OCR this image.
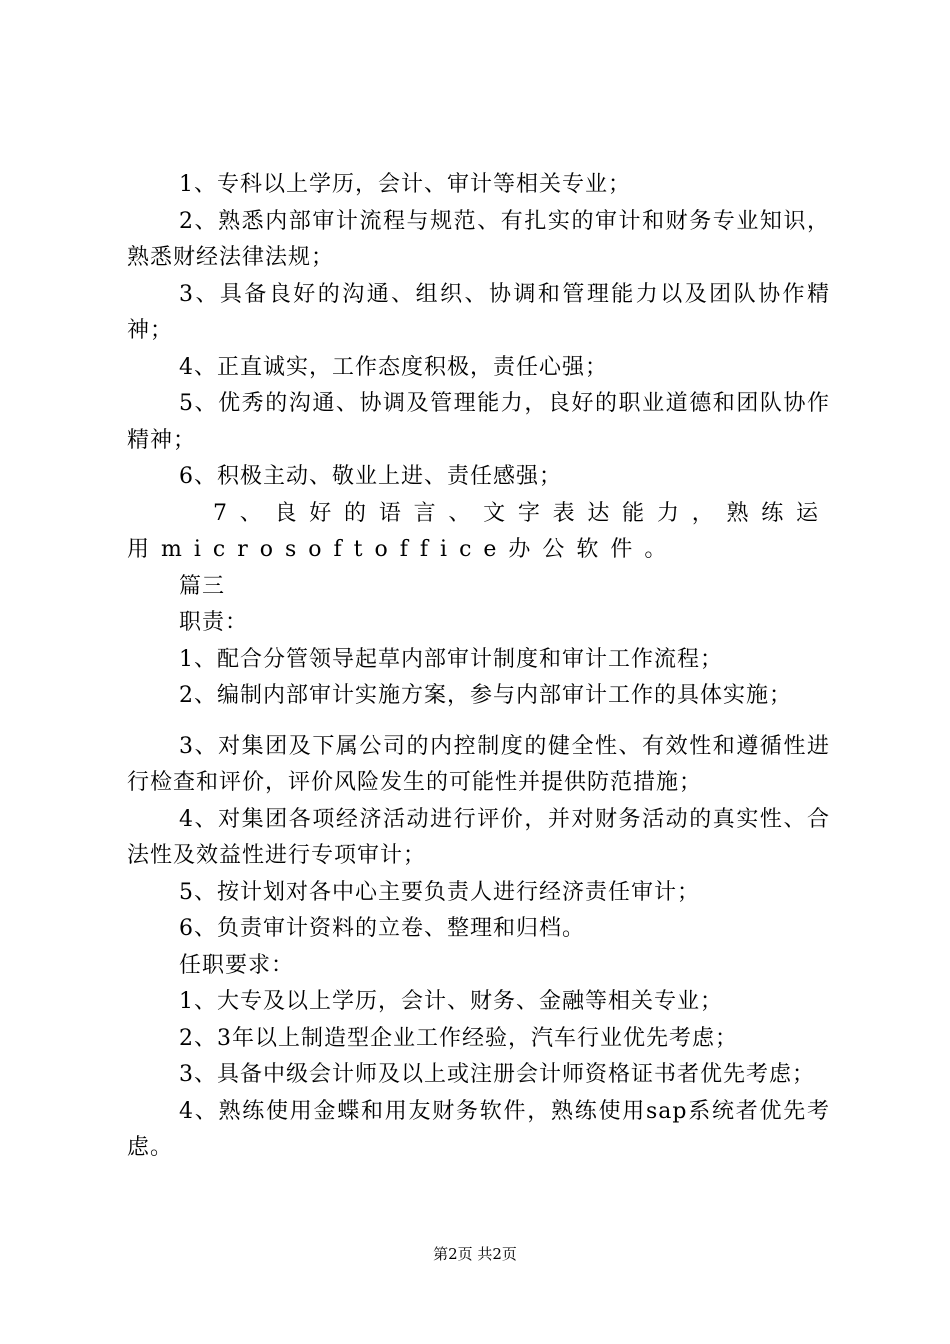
1、专科以上学历，会计、审计等相关专业；

2、熟悉内部审计流程与规范、有扎实的审计和财务专业知识，熟悉财经法律法规；

3、具备良好的沟通、组织、协调和管理能力以及团队协作精神；

4、正直诚实，工作态度积极，责任心强；

5、优秀的沟通、协调及管理能力，良好的职业道德和团队协作精神；

6、积极主动、敬业上进、责任感强；

7、良好的语言、文字表达能力，熟练运用microsoftoffice办公软件。

篇三

职责：

1、配合分管领导起草内部审计制度和审计工作流程；

2、编制内部审计实施方案，参与内部审计工作的具体实施；

3、对集团及下属公司的内控制度的健全性、有效性和遵循性进行检查和评价，评价风险发生的可能性并提供防范措施；

4、对集团各项经济活动进行评价，并对财务活动的真实性、合法性及效益性进行专项审计；

5、按计划对各中心主要负责人进行经济责任审计；

6、负责审计资料的立卷、整理和归档。

任职要求：

1、大专及以上学历，会计、财务、金融等相关专业；

2、3年以上制造型企业工作经验，汽车行业优先考虑；

3、具备中级会计师及以上或注册会计师资格证书者优先考虑；

4、熟练使用金蝶和用友财务软件，熟练使用sap系统者优先考虑。

第2页 共2页
